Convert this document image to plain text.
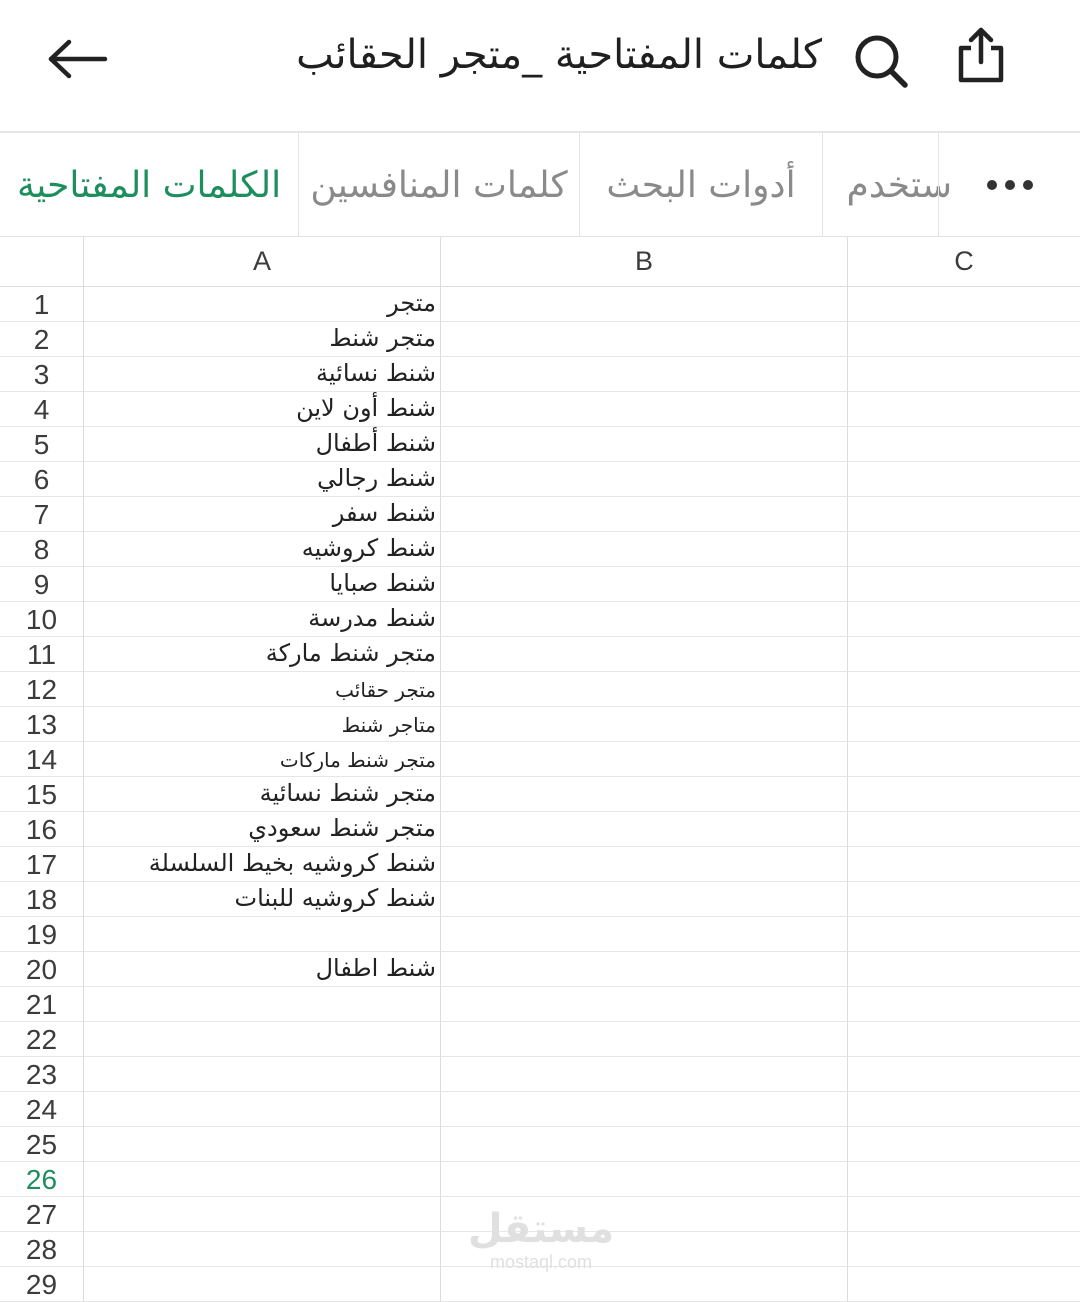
كلمات المفتاحية _متجر الحقائب
الكلمات المفتاحية كلمات المنافسين أدوات البحث ستخدم
A	B	C
1	متجر
2	متجر شنط
3	شنط نسائية
4	شنط أون لاين
5	شنط أطفال
6	شنط رجالي
7	شنط سفر
8	شنط كروشيه
9	شنط صبايا
10	شنط مدرسة
11	متجر شنط ماركة
12	متجر حقائب
13	متاجر شنط
14	متجر شنط ماركات
15	متجر شنط نسائية
16	متجر شنط سعودي
17	شنط كروشيه بخيط السلسلة
18	شنط كروشيه للبنات
19
20	شنط اطفال
21
22
23
24
25
26
27
28
29
مستقل
mostaql.com
